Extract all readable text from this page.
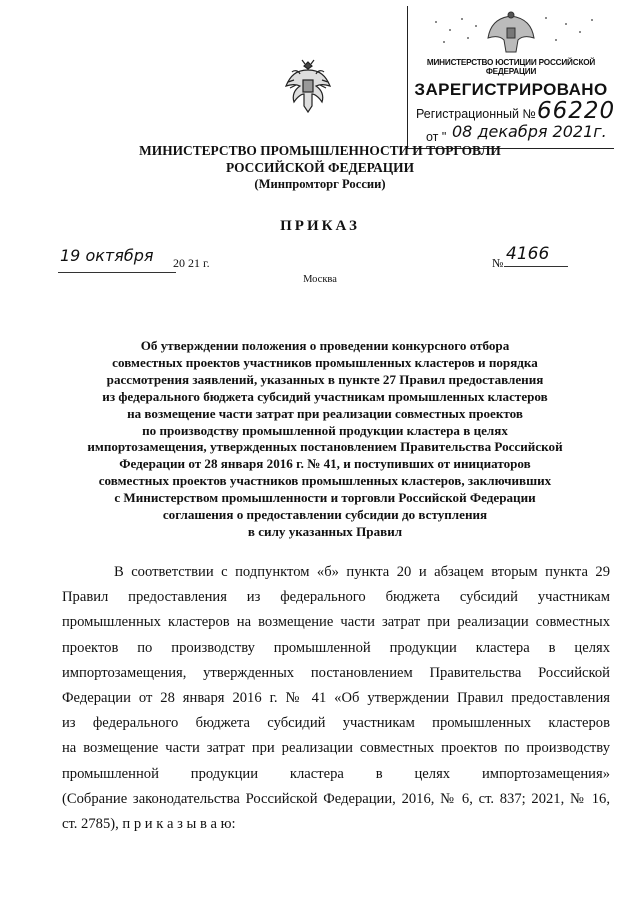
МИНИСТЕРСТВО ЮСТИЦИИ РОССИЙСКОЙ ФЕДЕРАЦИИ
ЗАРЕГИСТРИРОВАНО
Регистрационный № 66220
от " 08 декабря 2021г.
МИНИСТЕРСТВО ПРОМЫШЛЕННОСТИ И ТОРГОВЛИ
РОССИЙСКОЙ ФЕДЕРАЦИИ
(Минпромторг России)
ПРИКАЗ
19 октября 20 21 г.	№ 4166
Москва
Об утверждении положения о проведении конкурсного отбора
совместных проектов участников промышленных кластеров и порядка
рассмотрения заявлений, указанных в пункте 27 Правил предоставления
из федерального бюджета субсидий участникам промышленных кластеров
на возмещение части затрат при реализации совместных проектов
по производству промышленной продукции кластера в целях
импортозамещения, утвержденных постановлением Правительства Российской
Федерации от 28 января 2016 г. № 41, и поступивших от инициаторов
совместных проектов участников промышленных кластеров, заключивших
с Министерством промышленности и торговли Российской Федерации
соглашения о предоставлении субсидии до вступления
в силу указанных Правил
В соответствии с подпунктом «б» пункта 20 и абзацем вторым пункта 29
Правил предоставления из федерального бюджета субсидий участникам
промышленных кластеров на возмещение части затрат при реализации совместных
проектов по производству промышленной продукции кластера в целях
импортозамещения, утвержденных постановлением Правительства Российской
Федерации от 28 января 2016 г. № 41 «Об утверждении Правил предоставления
из федерального бюджета субсидий участникам промышленных кластеров
на возмещение части затрат при реализации совместных проектов по производству
промышленной продукции кластера в целях импортозамещения»
(Собрание законодательства Российской Федерации, 2016, № 6, ст. 837; 2021, № 16,
ст. 2785), п р и к а з ы в а ю:
